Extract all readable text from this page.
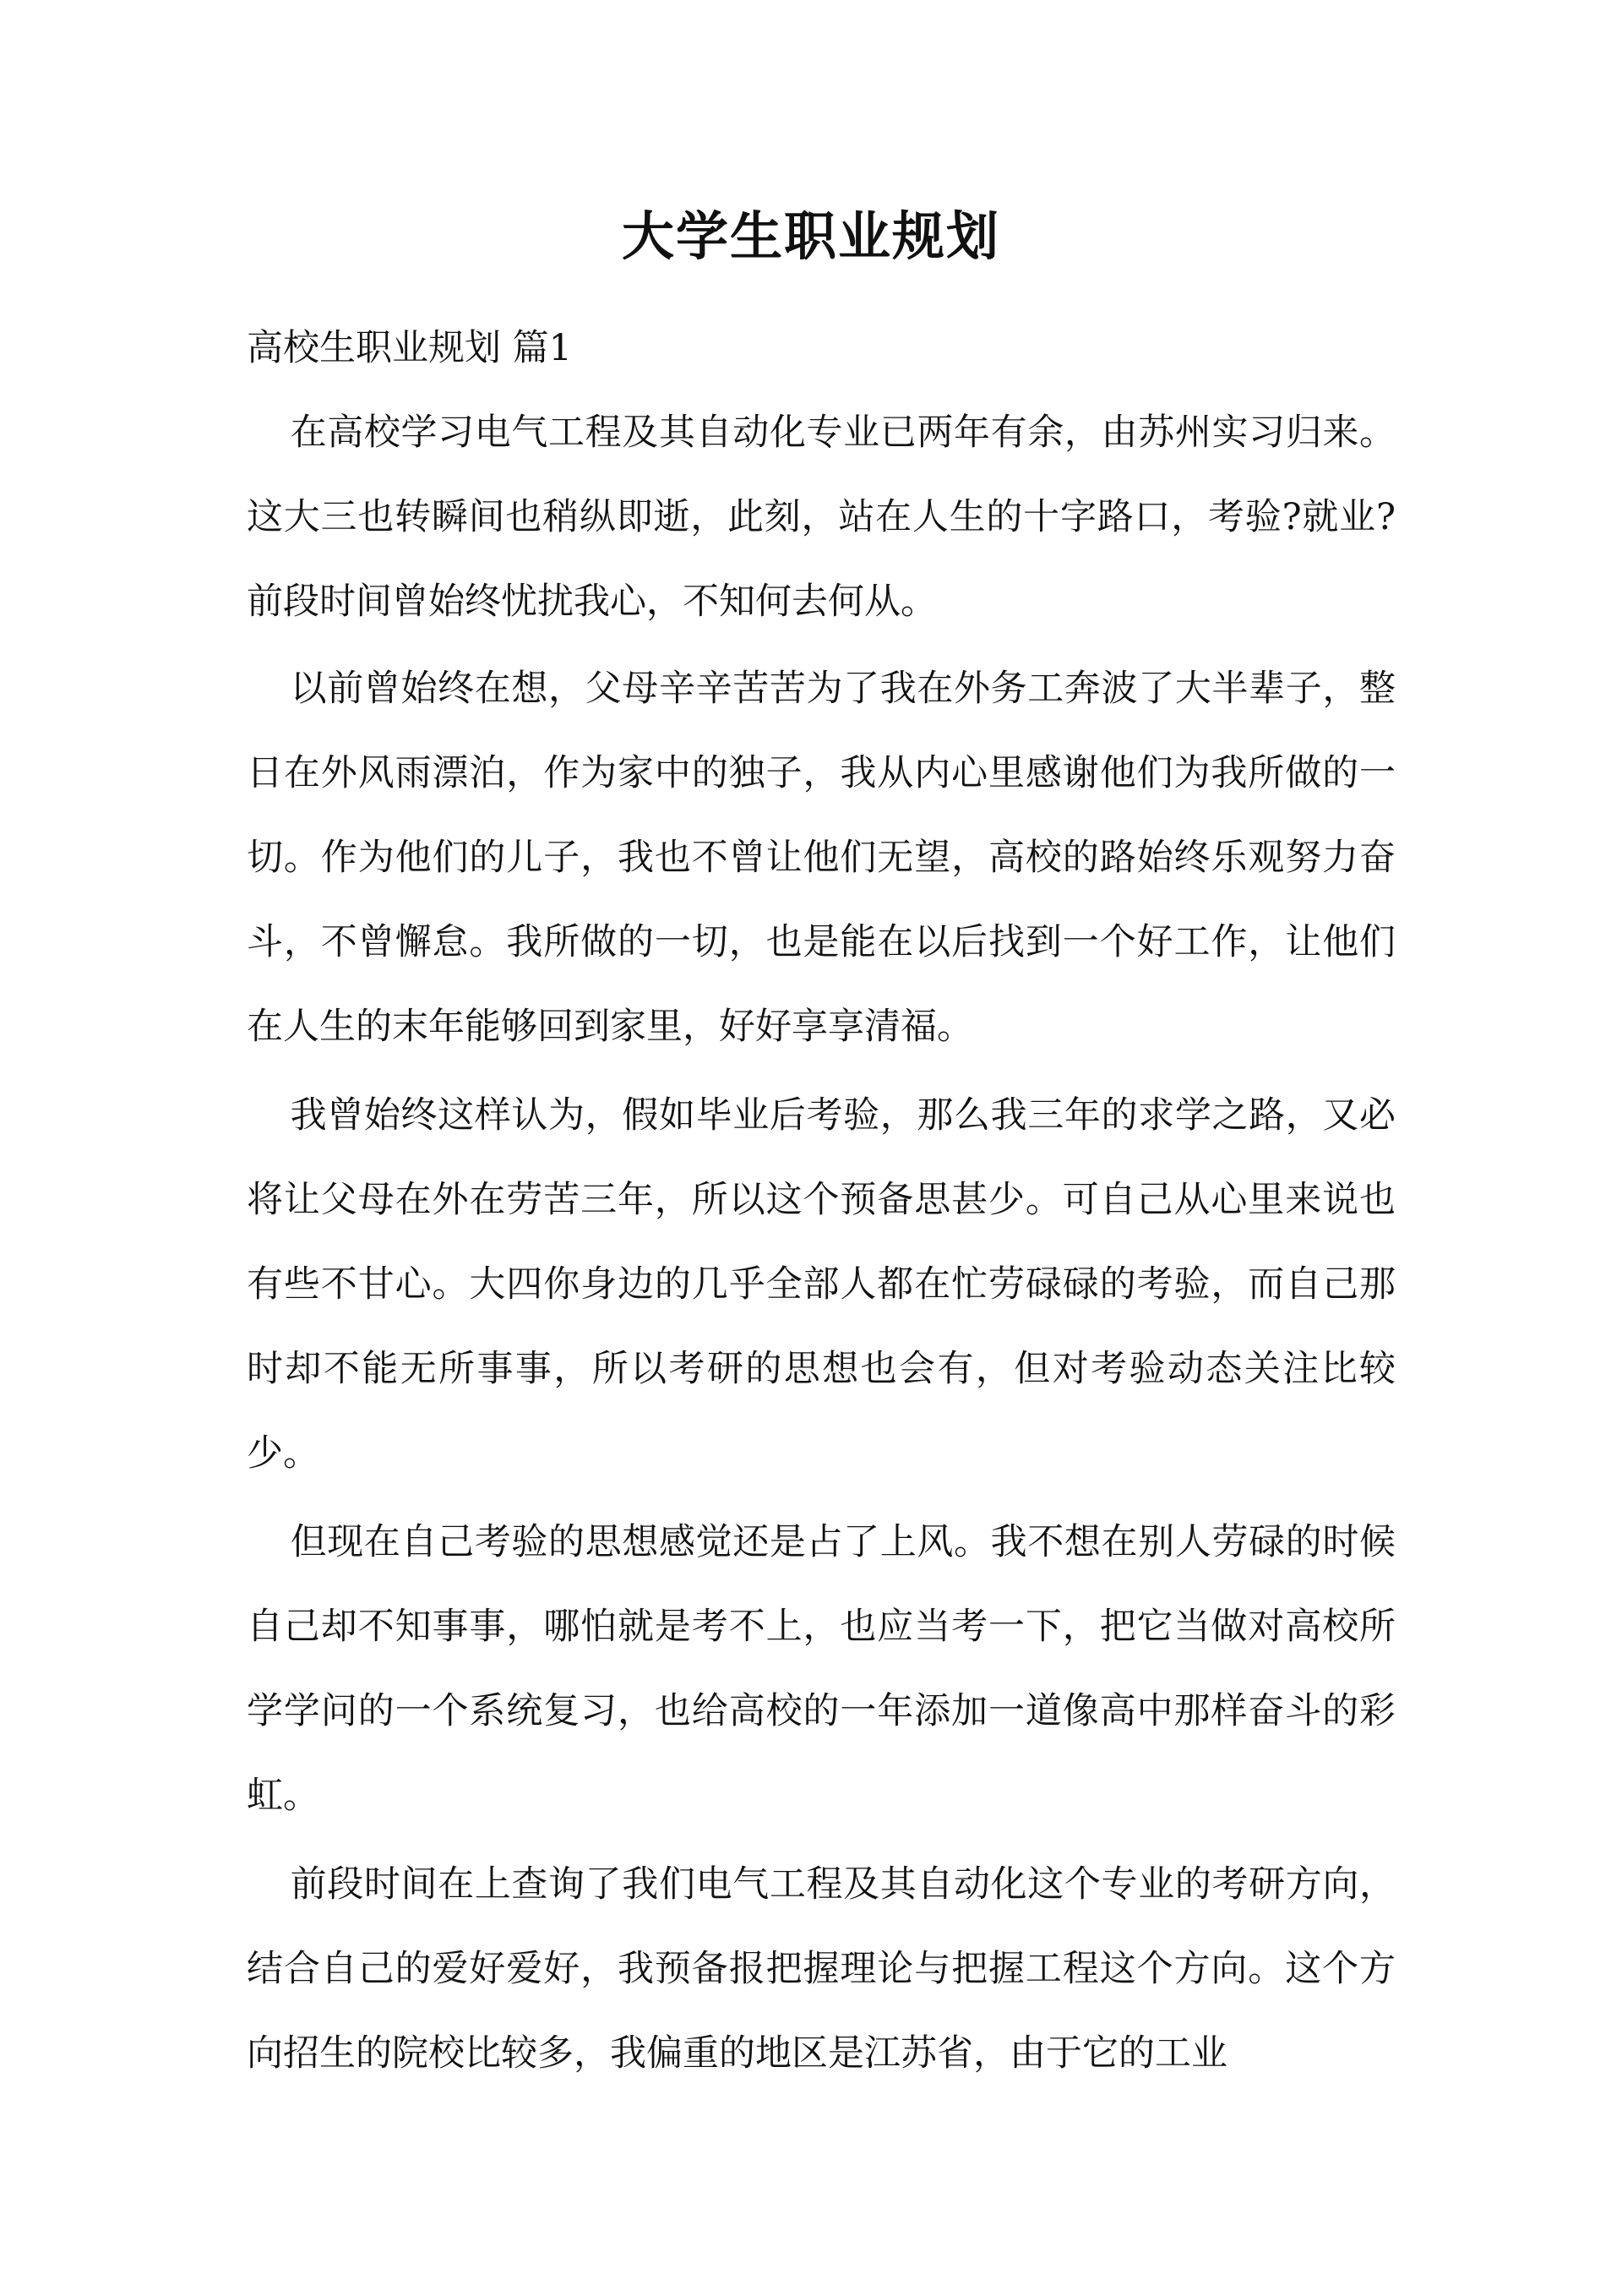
大学生职业规划
高校生职业规划 篇1
在高校学习电气工程及其自动化专业已两年有余，由苏州实习归来。这大三也转瞬间也稍纵即逝，此刻，站在人生的十字路口，考验?就业?前段时间曾始终忧扰我心，不知何去何从。
以前曾始终在想，父母辛辛苦苦为了我在外务工奔波了大半辈子，整日在外风雨漂泊，作为家中的独子，我从内心里感谢他们为我所做的一切。作为他们的儿子，我也不曾让他们无望，高校的路始终乐观努力奋斗，不曾懈怠。我所做的一切，也是能在以后找到一个好工作，让他们在人生的末年能够回到家里，好好享享清福。
我曾始终这样认为，假如毕业后考验，那么我三年的求学之路，又必将让父母在外在劳苦三年，所以这个预备思甚少。可自己从心里来说也有些不甘心。大四你身边的几乎全部人都在忙劳碌碌的考验，而自己那时却不能无所事事，所以考研的思想也会有，但对考验动态关注比较少。
但现在自己考验的思想感觉还是占了上风。我不想在别人劳碌的时候自己却不知事事，哪怕就是考不上，也应当考一下，把它当做对高校所学学问的一个系统复习，也给高校的一年添加一道像高中那样奋斗的彩虹。
前段时间在上查询了我们电气工程及其自动化这个专业的考研方向，结合自己的爱好爱好，我预备报把握理论与把握工程这个方向。这个方向招生的院校比较多，我偏重的地区是江苏省，由于它的工业
